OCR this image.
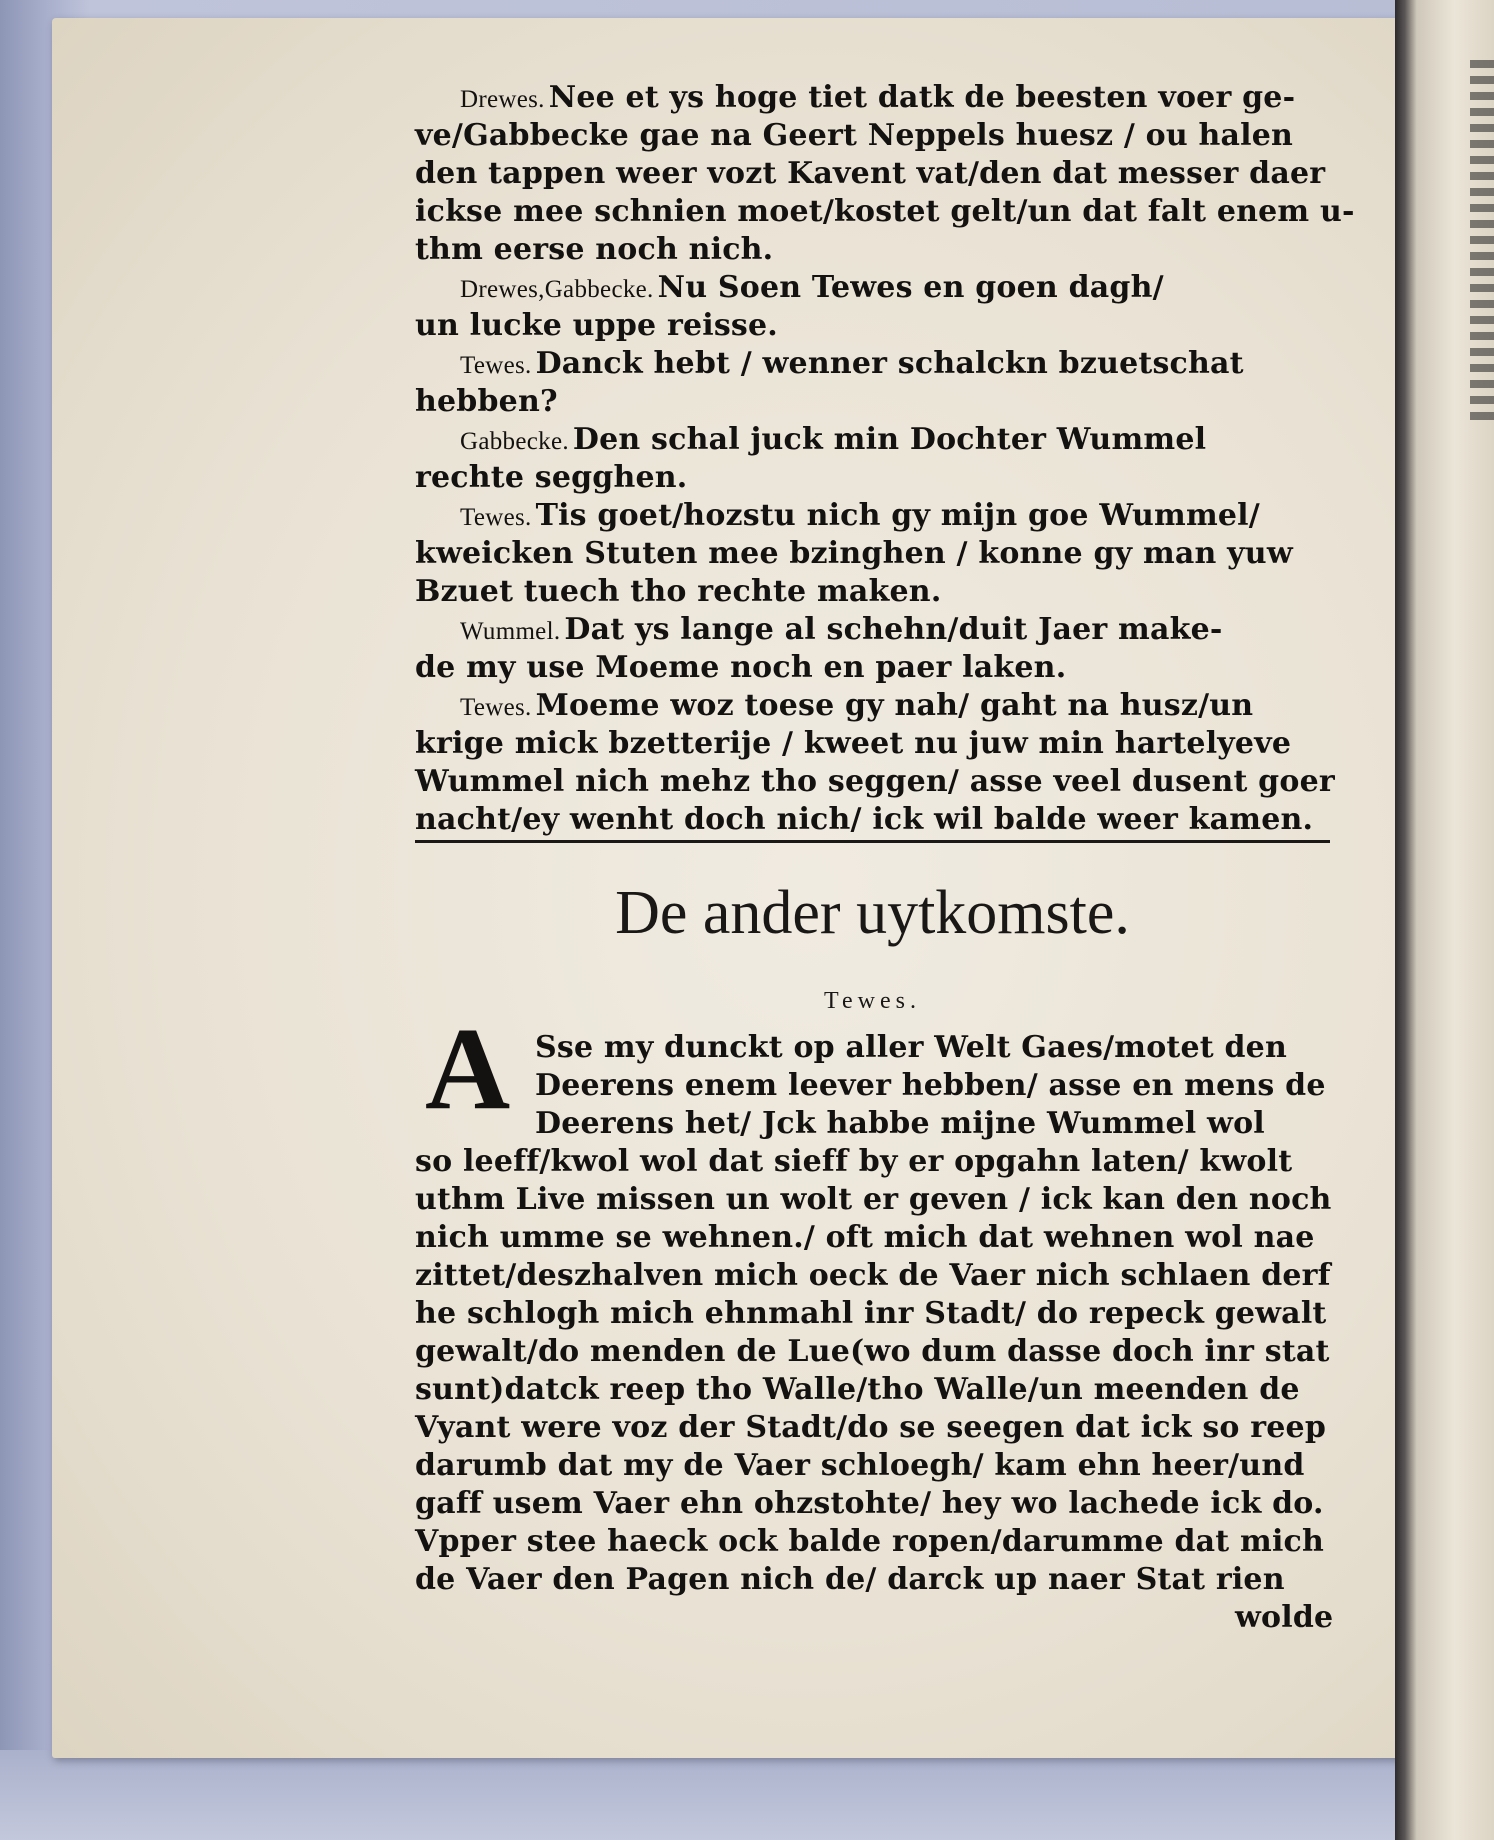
Drewes. Nee et ys hoge tiet datk de beesten voer ge-
ve/Gabbecke gae na Geert Neppels huesz / ou halen
den tappen weer vozt Kavent vat/den dat messer daer
ickse mee schnien moet/kostet gelt/un dat falt enem u-
thm eerse noch nich.
Drewes,Gabbecke. Nu Soen Tewes en goen dagh/
un lucke uppe reisse.
Tewes. Danck hebt / wenner schalckn bzuetschat
hebben?
Gabbecke. Den schal juck min Dochter Wummel
rechte segghen.
Tewes. Tis goet/hozstu nich gy mijn goe Wummel/
kweicken Stuten mee bzinghen / konne gy man yuw
Bzuet tuech tho rechte maken.
Wummel. Dat ys lange al schehn/duit Jaer make-
de my use Moeme noch en paer laken.
Tewes. Moeme woz toese gy nah/ gaht na husz/un
krige mick bzetterije / kweet nu juw min hartelyeve
Wummel nich mehz tho seggen/ asse veel dusent goer
nacht/ey wenht doch nich/ ick wil balde weer kamen.
De ander uytkomste.
Tewes.
A Sse my dunckt op aller Welt Gaes/motet den
Deerens enem leever hebben/ asse en mens de
Deerens het/ Jck habbe mijne Wummel wol
so leeff/kwol wol dat sieff by er opgahn laten/ kwolt
uthm Live missen un wolt er geven / ick kan den noch
nich umme se wehnen./ oft mich dat wehnen wol nae
zittet/deszhalven mich oeck de Vaer nich schlaen derf
he schlogh mich ehnmahl inr Stadt/ do repeck gewalt
gewalt/do menden de Lue(wo dum dasse doch inr stat
sunt)datck reep tho Walle/tho Walle/un meenden de
Vyant were voz der Stadt/do se seegen dat ick so reep
darumb dat my de Vaer schloegh/ kam ehn heer/und
gaff usem Vaer ehn ohzstohte/ hey wo lachede ick do.
Vpper stee haeck ock balde ropen/darumme dat mich
de Vaer den Pagen nich de/ darck up naer Stat rien
wolde
